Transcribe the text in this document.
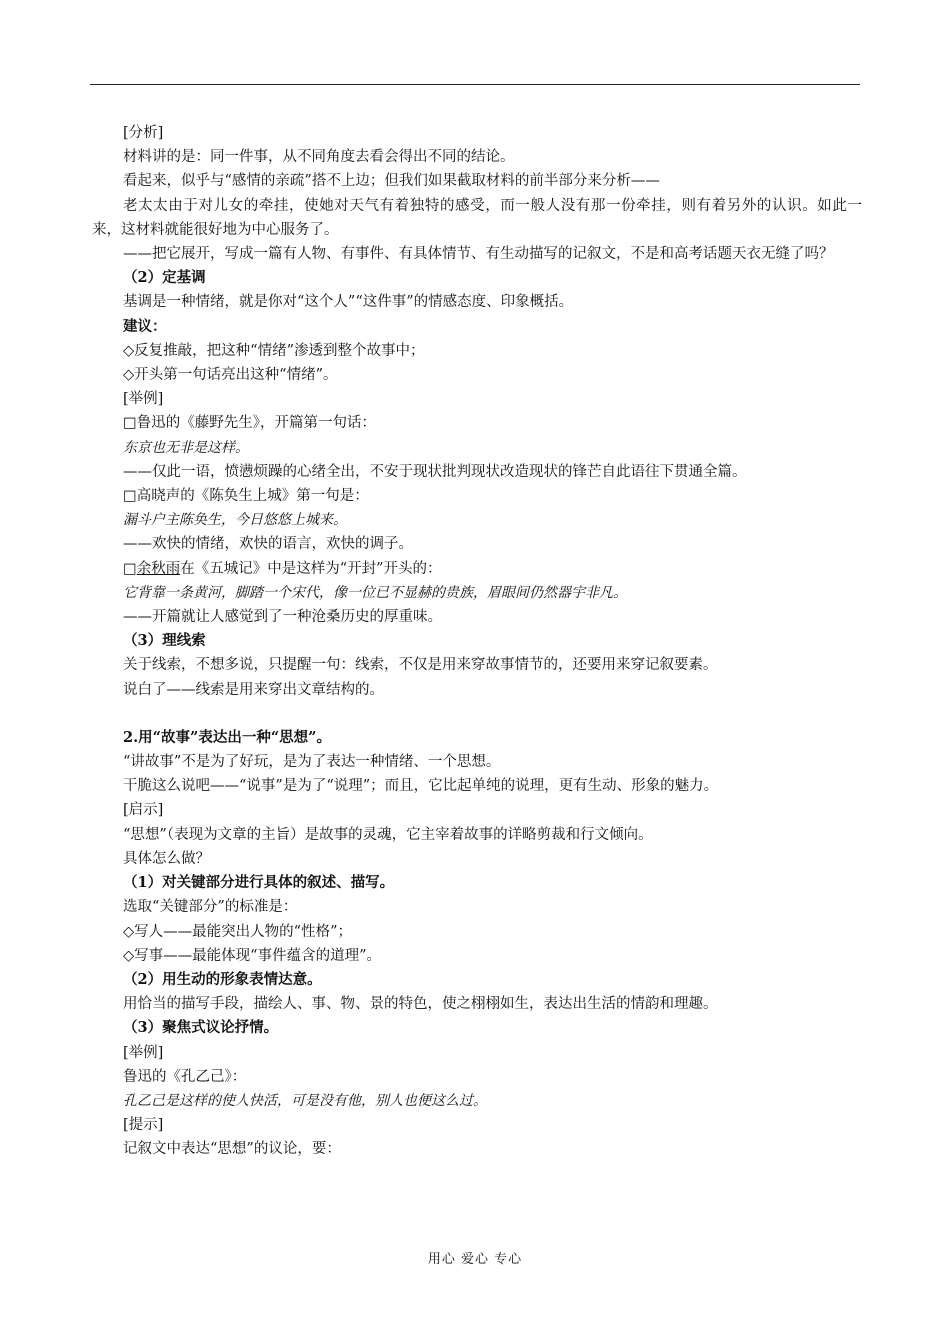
[分析]
材料讲的是：同一件事，从不同角度去看会得出不同的结论。
看起来，似乎与“感情的亲疏”搭不上边；但我们如果截取材料的前半部分来分析——
老太太由于对儿女的牵挂，使她对天气有着独特的感受，而一般人没有那一份牵挂，则有着另外的认识。如此一来，这材料就能很好地为中心服务了。
——把它展开，写成一篇有人物、有事件、有具体情节、有生动描写的记叙文，不是和高考话题天衣无缝了吗？
（2）定基调
基调是一种情绪，就是你对“这个人”“这件事”的情感态度、印象概括。
建议：
◇反复推敲，把这种“情绪”渗透到整个故事中；
◇开头第一句话亮出这种“情绪”。
[举例]
□鲁迅的《藤野先生》，开篇第一句话：
东京也无非是这样。
——仅此一语，愤懑烦躁的心绪全出，不安于现状批判现状改造现状的锋芒自此语往下贯通全篇。
□高晓声的《陈奂生上城》第一句是：
漏斗户主陈奂生，今日悠悠上城来。
——欢快的情绪，欢快的语言，欢快的调子。
□余秋雨在《五城记》中是这样为“开封”开头的：
它背靠一条黄河，脚踏一个宋代，像一位已不显赫的贵族，眉眼间仍然器宇非凡。
——开篇就让人感觉到了一种沧桑历史的厚重味。
（3）理线索
关于线索，不想多说，只提醒一句：线索，不仅是用来穿故事情节的，还要用来穿记叙要素。
说白了——线索是用来穿出文章结构的。
2.用“故事”表达出一种“思想”。
“讲故事”不是为了好玩，是为了表达一种情绪、一个思想。
干脆这么说吧——“说事”是为了“说理”；而且，它比起单纯的说理，更有生动、形象的魅力。
[启示]
“思想”（表现为文章的主旨）是故事的灵魂，它主宰着故事的详略剪裁和行文倾向。
具体怎么做？
（1）对关键部分进行具体的叙述、描写。
选取“关键部分”的标准是：
◇写人——最能突出人物的“性格”；
◇写事——最能体现“事件蕴含的道理”。
（2）用生动的形象表情达意。
用恰当的描写手段，描绘人、事、物、景的特色，使之栩栩如生，表达出生活的情韵和理趣。
（3）聚焦式议论抒情。
[举例]
鲁迅的《孔乙己》：
孔乙己是这样的使人快活，可是没有他，别人也便这么过。
[提示]
记叙文中表达“思想”的议论，要：
用心 爱心 专心
